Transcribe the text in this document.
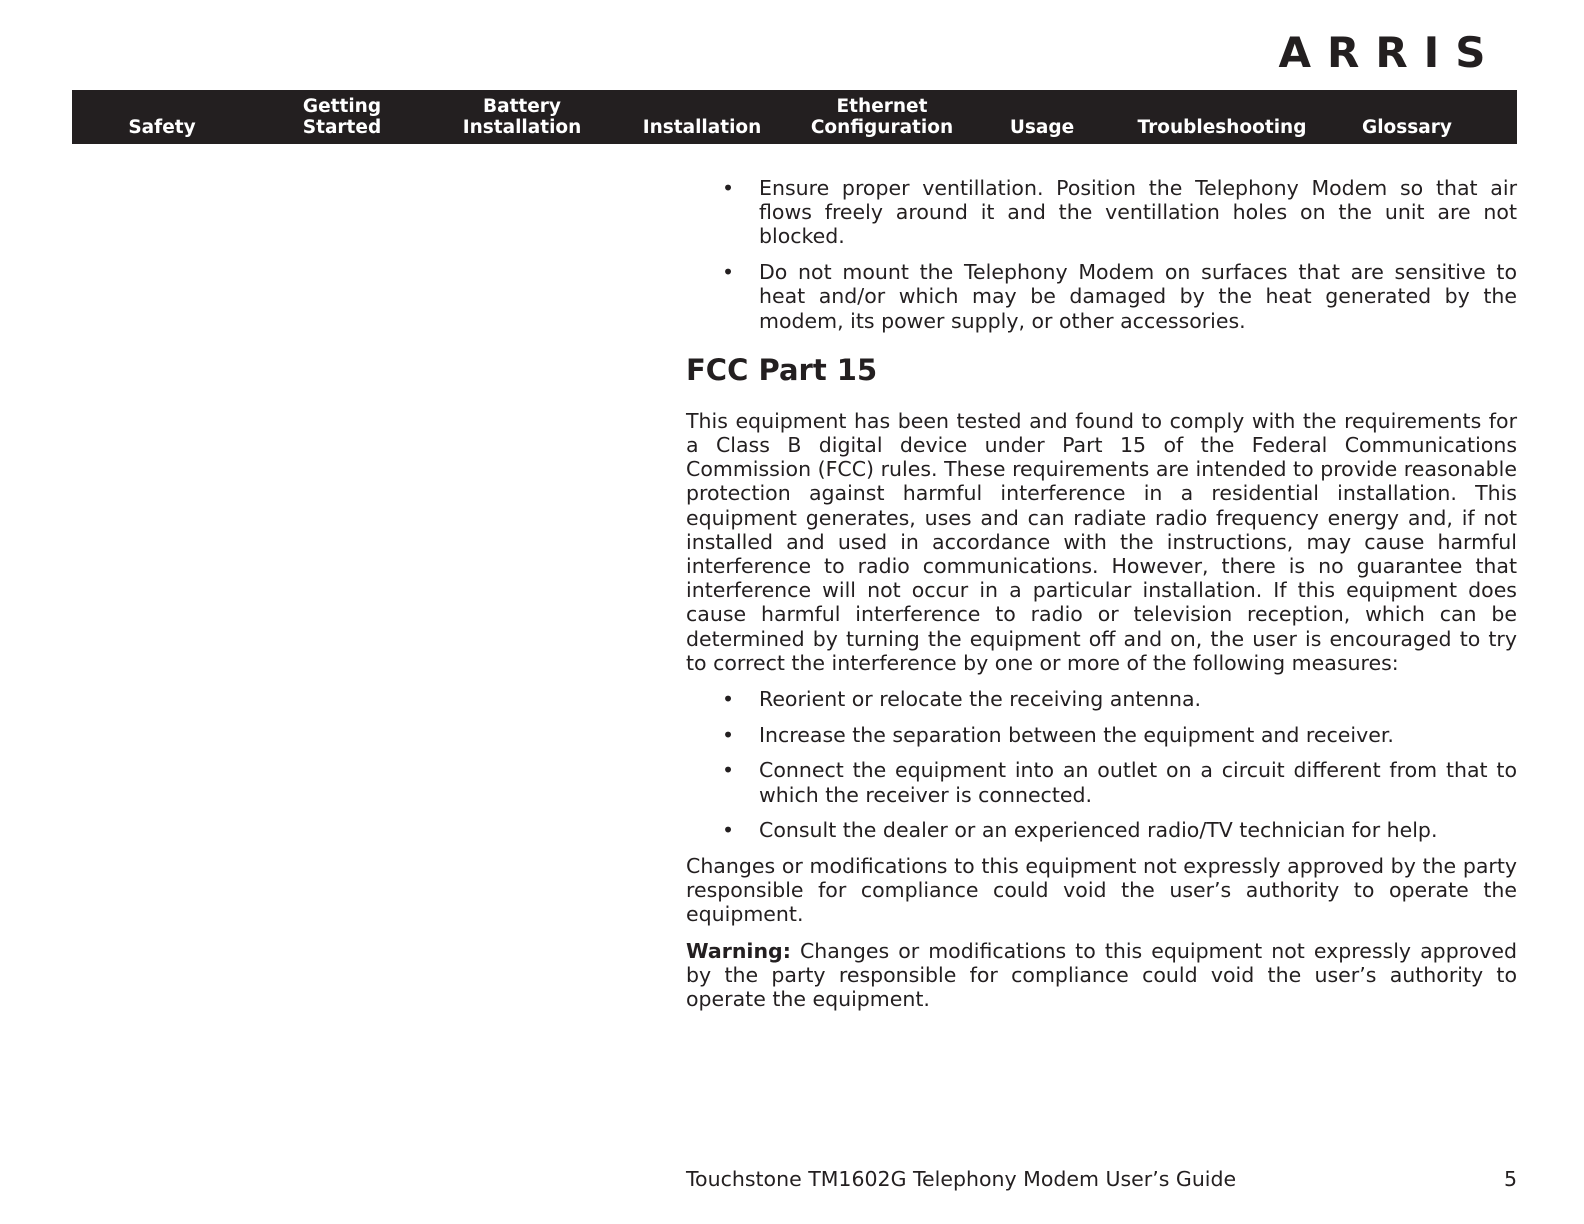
ARRIS
Safety
Getting
Started
Battery
Installation	Installation
Ethernet
Configuration	Usage	Troubleshooting	Glossary
• Ensure proper ventillation. Position the Telephony Modem so that air flows freely around it and the ventillation holes on the unit are not blocked.
• Do not mount the Telephony Modem on surfaces that are sensitive to heat and/or which may be damaged by the heat generated by the modem, its power supply, or other accessories.
FCC Part 15

This equipment has been tested and found to comply with the requirements for a Class B digital device under Part 15 of the Federal Communications Commission (FCC) rules. These requirements are intended to provide reasonable protection against harmful interference in a residential installation. This equipment generates, uses and can radiate radio frequency energy and, if not installed and used in accordance with the instructions, may cause harmful interference to radio communications. However, there is no guarantee that interference will not occur in a particular installation. If this equipment does cause harmful interference to radio or television reception, which can be determined by turning the equipment off and on, the user is encouraged to try to correct the interference by one or more of the following measures:

• Reorient or relocate the receiving antenna.
• Increase the separation between the equipment and receiver.
• Connect the equipment into an outlet on a circuit different from that to which the receiver is connected.
• Consult the dealer or an experienced radio/TV technician for help.

Changes or modifications to this equipment not expressly approved by the party responsible for compliance could void the user’s authority to operate the equipment.

Warning: Changes or modifications to this equipment not expressly approved by the party responsible for compliance could void the user’s authority to operate the equipment.

Touchstone TM1602G Telephony Modem User’s Guide	5
